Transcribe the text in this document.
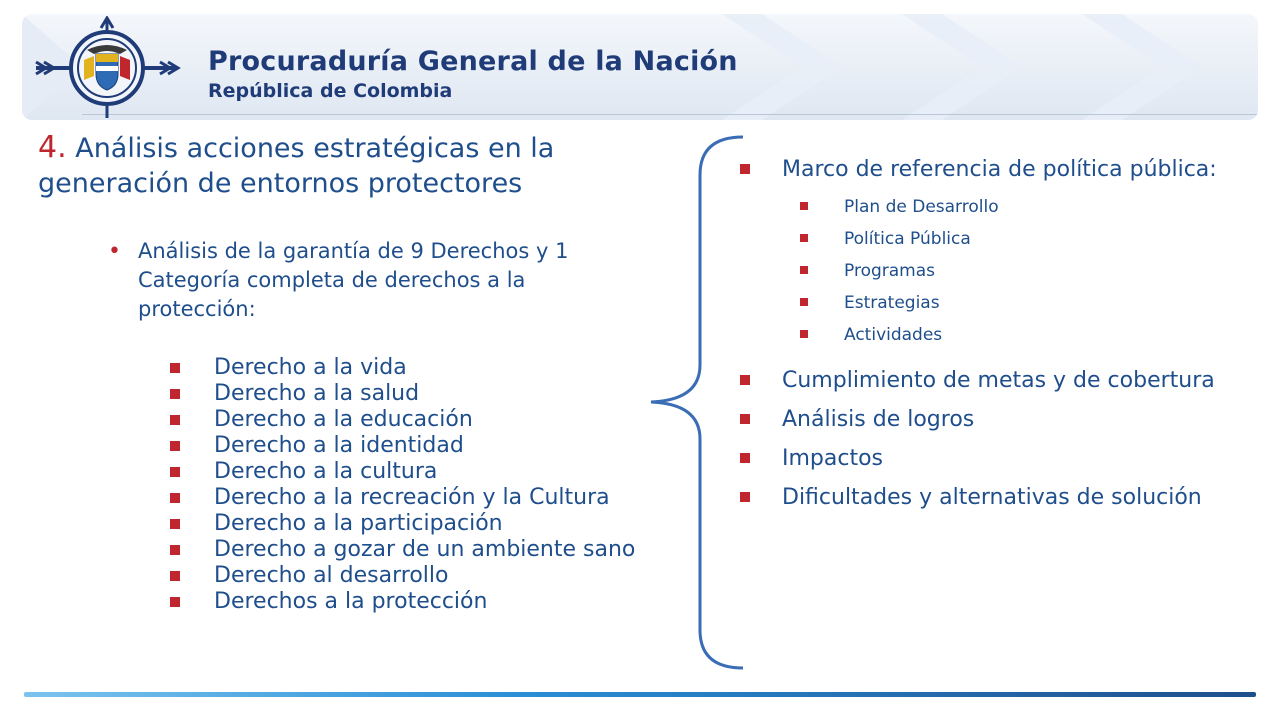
Procuraduría General de la Nación
República de Colombia
4. Análisis acciones estratégicas en la generación de entornos protectores
• Análisis de la garantía de 9 Derechos y 1 Categoría completa de derechos a la protección:
Derecho a la vida
Derecho a la salud
Derecho a la educación
Derecho a la identidad
Derecho a la cultura
Derecho a la recreación y la Cultura
Derecho a la participación
Derecho a gozar de un ambiente sano
Derecho al desarrollo
Derechos a la protección
Marco de referencia de política pública:
Plan de Desarrollo
Política Pública
Programas
Estrategias
Actividades
Cumplimiento de metas y de cobertura
Análisis de logros
Impactos
Dificultades y alternativas de solución
